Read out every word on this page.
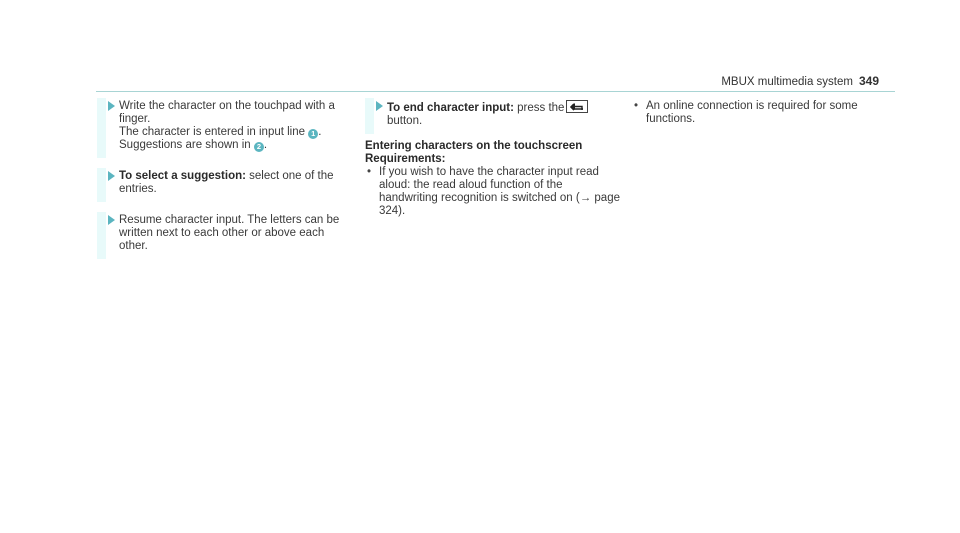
MBUX multimedia system 349
Write the character on the touchpad with a finger.
The character is entered in input line 1 .
Suggestions are shown in 2 .
To select a suggestion: select one of the entries.
Resume character input. The letters can be written next to each other or above each other.
To end character input: press the
button.
Entering characters on the touchscreen
Requirements:
• If you wish to have the character input read aloud: the read aloud function of the handwriting recognition is switched on (→ page 324).
• An online connection is required for some functions.
